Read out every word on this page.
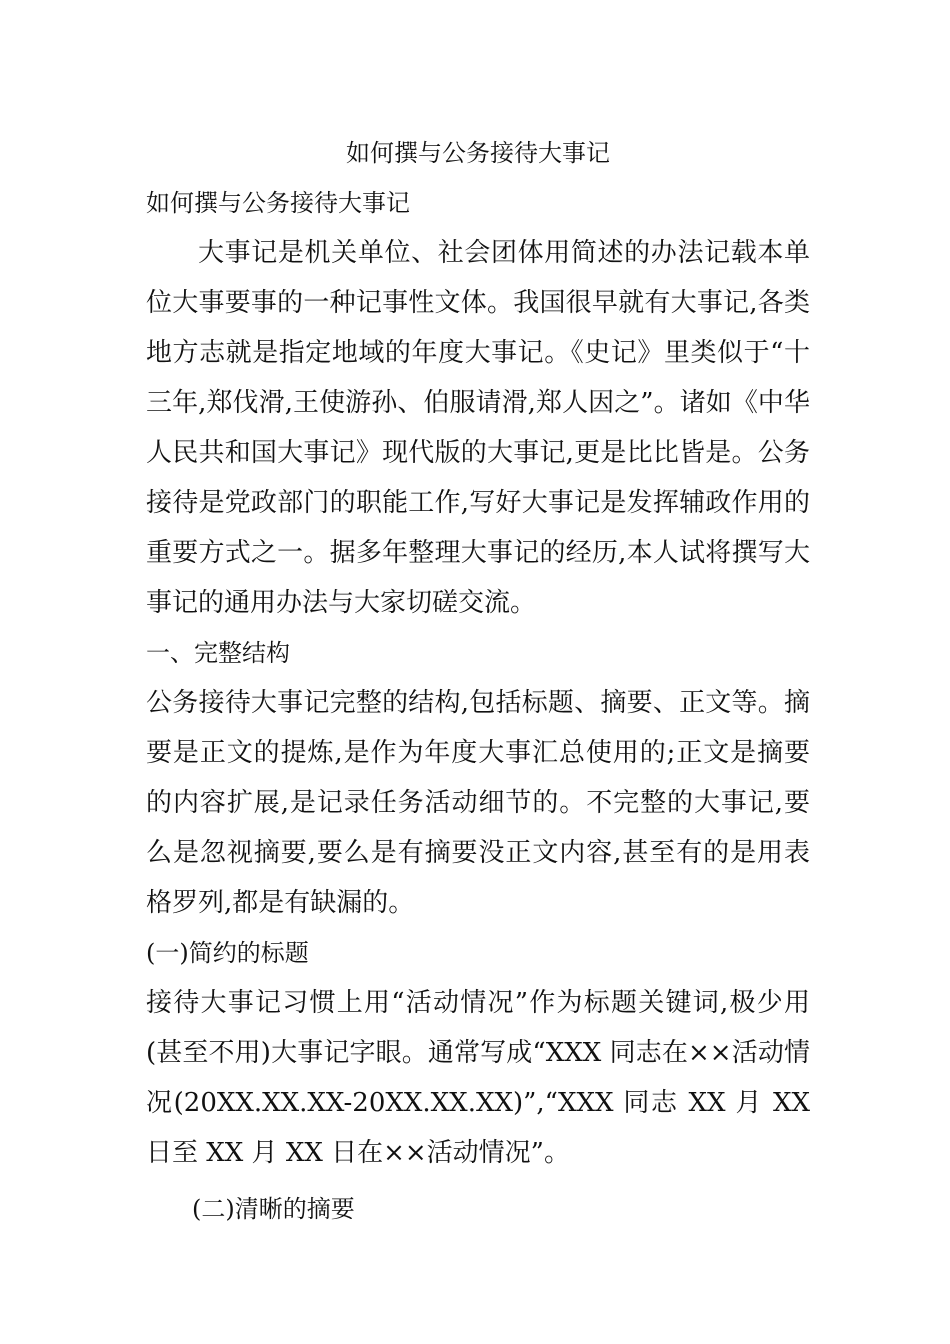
如何撰与公务接待大事记

如何撰与公务接待大事记

大事记是机关单位、社会团体用简述的办法记载本单位大事要事的一种记事性文体。我国很早就有大事记,各类地方志就是指定地域的年度大事记。《史记》里类似于“十三年,郑伐滑,王使游孙、伯服请滑,郑人因之”。诸如《中华人民共和国大事记》现代版的大事记,更是比比皆是。公务接待是党政部门的职能工作,写好大事记是发挥辅政作用的重要方式之一。据多年整理大事记的经历,本人试将撰写大事记的通用办法与大家切磋交流。

一、完整结构

公务接待大事记完整的结构,包括标题、摘要、正文等。摘要是正文的提炼,是作为年度大事汇总使用的;正文是摘要的内容扩展,是记录任务活动细节的。不完整的大事记,要么是忽视摘要,要么是有摘要没正文内容,甚至有的是用表格罗列,都是有缺漏的。

(一)简约的标题

接待大事记习惯上用“活动情况”作为标题关键词,极少用(甚至不用)大事记字眼。通常写成“XXX 同志在××活动情况(20XX.XX.XX-20XX.XX.XX)”,“XXX 同志 XX 月 XX 日至 XX 月 XX 日在××活动情况”。

(二)清晰的摘要
